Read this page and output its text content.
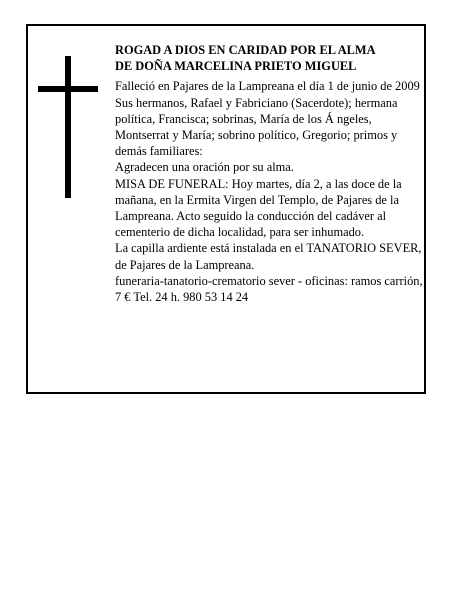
ROGAD A DIOS EN CARIDAD POR EL ALMA
DE DOÑA MARCELINA PRIETO MIGUEL

Falleció en Pajares de la Lampreana el día 1 de junio de 2009

Sus hermanos, Rafael y Fabriciano (Sacerdote); hermana política, Francisca; sobrinas, María de los Á ngeles, Montserrat y María; sobrino político, Gregorio; primos y demás familiares:

Agradecen una oración por su alma.

MISA DE FUNERAL: Hoy martes, día 2, a las doce de la mañana, en la Ermita Virgen del Templo, de Pajares de la Lampreana. Acto seguido la conducción del cadáver al cementerio de dicha localidad, para ser inhumado.

La capilla ardiente está instalada en el TANATORIO SEVER, de Pajares de la Lampreana.

funeraria-tanatorio-crematorio sever - oficinas: ramos carrión, 7 € Tel. 24 h. 980 53 14 24
